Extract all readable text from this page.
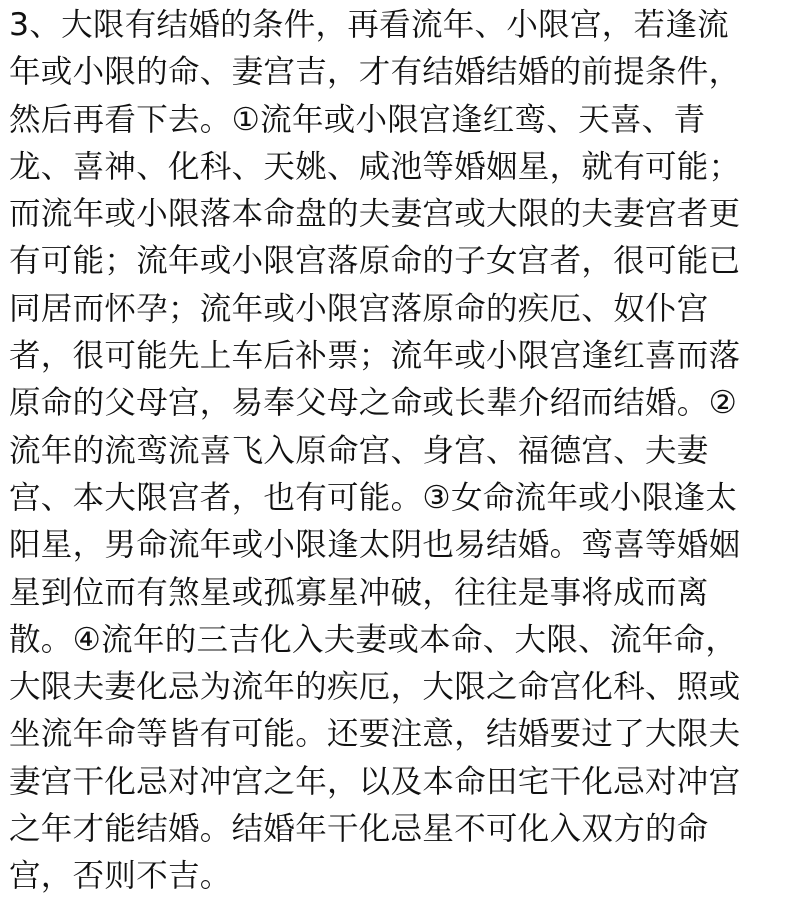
3、大限有结婚的条件，再看流年、小限宫，若逢流
年或小限的命、妻宫吉，才有结婚结婚的前提条件，
然后再看下去。①流年或小限宫逢红鸾、天喜、青
龙、喜神、化科、天姚、咸池等婚姻星，就有可能；
而流年或小限落本命盘的夫妻宫或大限的夫妻宫者更
有可能；流年或小限宫落原命的子女宫者，很可能已
同居而怀孕；流年或小限宫落原命的疾厄、奴仆宫
者，很可能先上车后补票；流年或小限宫逢红喜而落
原命的父母宫，易奉父母之命或长辈介绍而结婚。②
流年的流鸾流喜飞入原命宫、身宫、福德宫、夫妻
宫、本大限宫者，也有可能。③女命流年或小限逢太
阳星，男命流年或小限逢太阴也易结婚。鸾喜等婚姻
星到位而有煞星或孤寡星冲破，往往是事将成而离
散。④流年的三吉化入夫妻或本命、大限、流年命，
大限夫妻化忌为流年的疾厄，大限之命宫化科、照或
坐流年命等皆有可能。还要注意，结婚要过了大限夫
妻宫干化忌对冲宫之年，以及本命田宅干化忌对冲宫
之年才能结婚。结婚年干化忌星不可化入双方的命
宫，否则不吉。
